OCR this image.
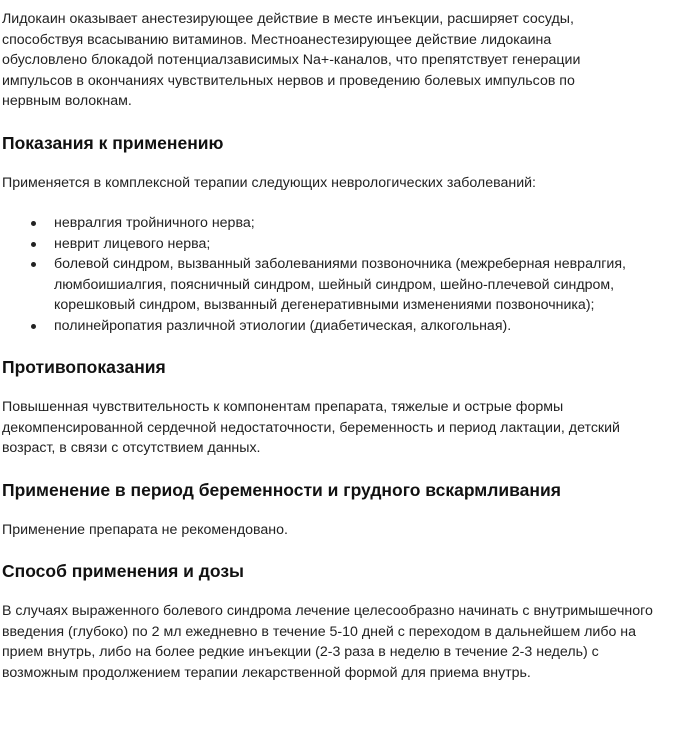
Лидокаин оказывает анестезирующее действие в месте инъекции, расширяет сосуды, способствуя всасыванию витаминов. Местноанестезирующее действие лидокаина обусловлено блокадой потенциалзависимых Na+-каналов, что препятствует генерации импульсов в окончаниях чувствительных нервов и проведению болевых импульсов по нервным волокнам.

Показания к применению

Применяется в комплексной терапии следующих неврологических заболеваний:

невралгия тройничного нерва;
неврит лицевого нерва;
болевой синдром, вызванный заболеваниями позвоночника (межреберная невралгия, люмбоишиалгия, поясничный синдром, шейный синдром, шейно-плечевой синдром, корешковый синдром, вызванный дегенеративными изменениями позвоночника);
полинейропатия различной этиологии (диабетическая, алкогольная).
Противопоказания

Повышенная чувствительность к компонентам препарата, тяжелые и острые формы декомпенсированной сердечной недостаточности, беременность и период лактации, детский возраст, в связи с отсутствием данных.

Применение в период беременности и грудного вскармливания

Применение препарата не рекомендовано.

Способ применения и дозы

В случаях выраженного болевого синдрома лечение целесообразно начинать с внутримышечного введения (глубоко) по 2 мл ежедневно в течение 5-10 дней с переходом в дальнейшем либо на прием внутрь, либо на более редкие инъекции (2-3 раза в неделю в течение 2-3 недель) с возможным продолжением терапии лекарственной формой для приема внутрь.
